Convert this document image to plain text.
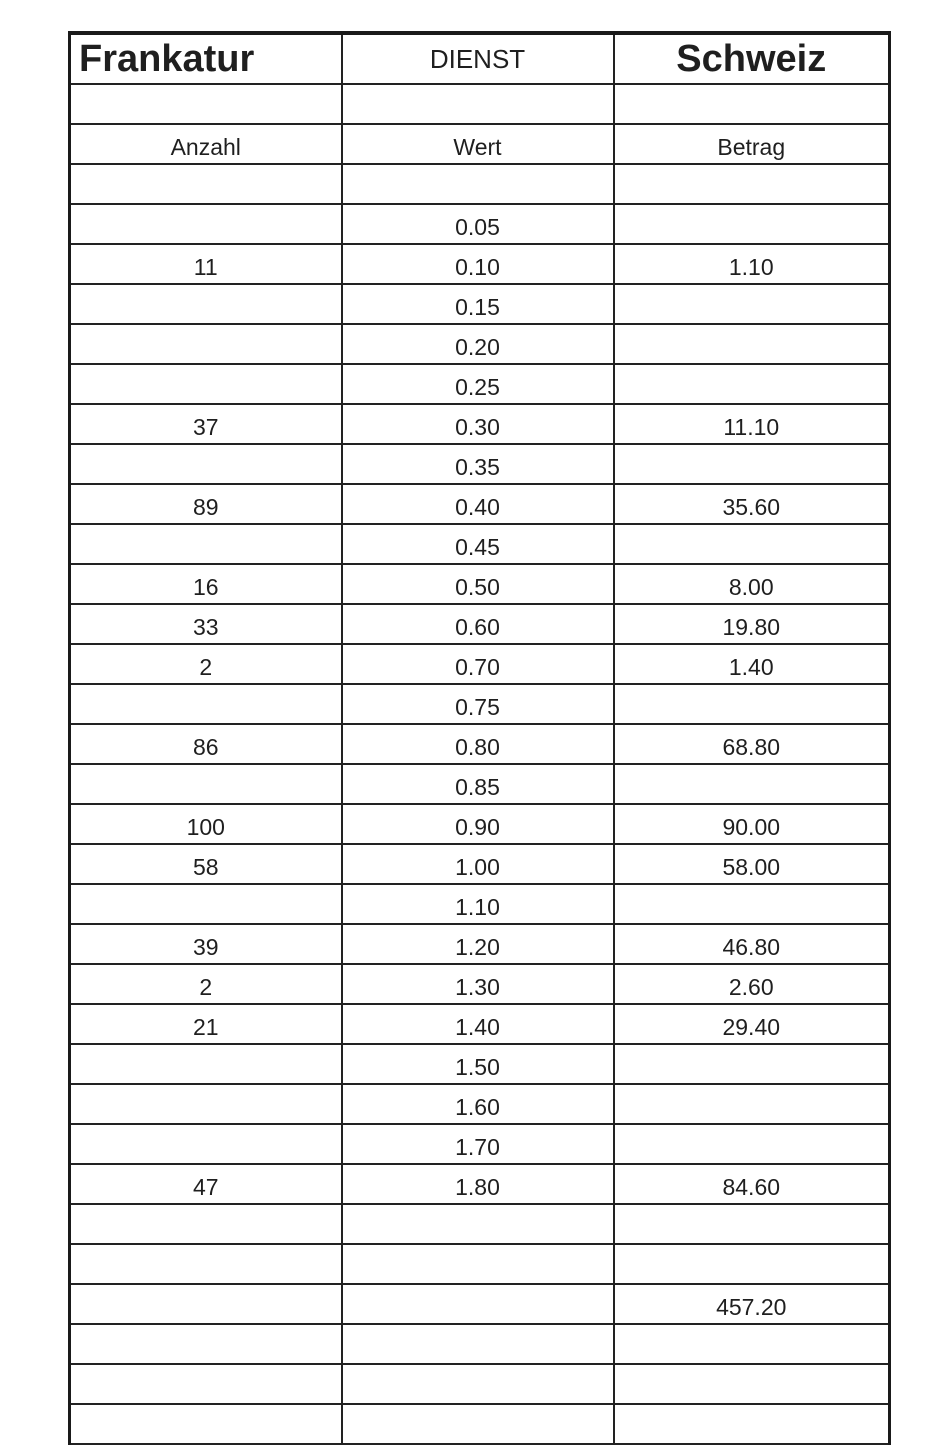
Frankatur	DIENST	Schweiz

Anzahl	Wert	Betrag

	0.05	
11	0.10	1.10
	0.15	
	0.20	
	0.25	
37	0.30	11.10
	0.35	
89	0.40	35.60
	0.45	
16	0.50	8.00
33	0.60	19.80
2	0.70	1.40
	0.75	
86	0.80	68.80
	0.85	
100	0.90	90.00
58	1.00	58.00
	1.10	
39	1.20	46.80
2	1.30	2.60
21	1.40	29.40
	1.50	
	1.60	
	1.70	
47	1.80	84.60

		457.20
